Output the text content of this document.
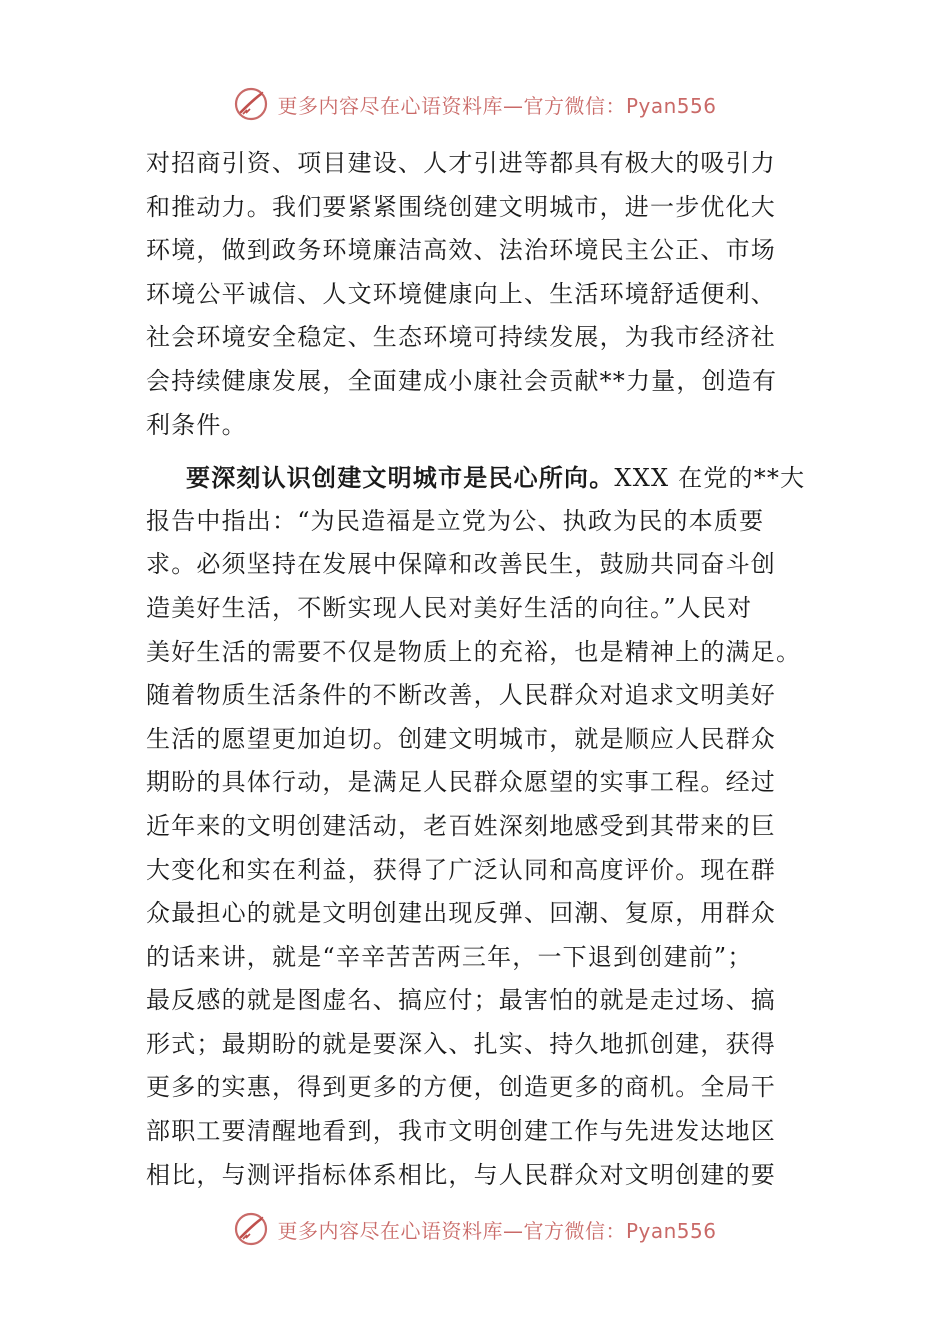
更多内容尽在心语资料库—官方微信：Pyan556
对招商引资、项目建设、人才引进等都具有极大的吸引力
和推动力。我们要紧紧围绕创建文明城市，进一步优化大
环境，做到政务环境廉洁高效、法治环境民主公正、市场
环境公平诚信、人文环境健康向上、生活环境舒适便利、
社会环境安全稳定、生态环境可持续发展，为我市经济社
会持续健康发展，全面建成小康社会贡献**力量，创造有
利条件。
要深刻认识创建文明城市是民心所向。XXX 在党的**大
报告中指出：“为民造福是立党为公、执政为民的本质要
求。必须坚持在发展中保障和改善民生，鼓励共同奋斗创
造美好生活，不断实现人民对美好生活的向往。”人民对
美好生活的需要不仅是物质上的充裕，也是精神上的满足。
随着物质生活条件的不断改善，人民群众对追求文明美好
生活的愿望更加迫切。创建文明城市，就是顺应人民群众
期盼的具体行动，是满足人民群众愿望的实事工程。经过
近年来的文明创建活动，老百姓深刻地感受到其带来的巨
大变化和实在利益，获得了广泛认同和高度评价。现在群
众最担心的就是文明创建出现反弹、回潮、复原，用群众
的话来讲，就是“辛辛苦苦两三年，一下退到创建前”；
最反感的就是图虚名、搞应付；最害怕的就是走过场、搞
形式；最期盼的就是要深入、扎实、持久地抓创建，获得
更多的实惠，得到更多的方便，创造更多的商机。全局干
部职工要清醒地看到，我市文明创建工作与先进发达地区
相比，与测评指标体系相比，与人民群众对文明创建的要
更多内容尽在心语资料库—官方微信：Pyan556
